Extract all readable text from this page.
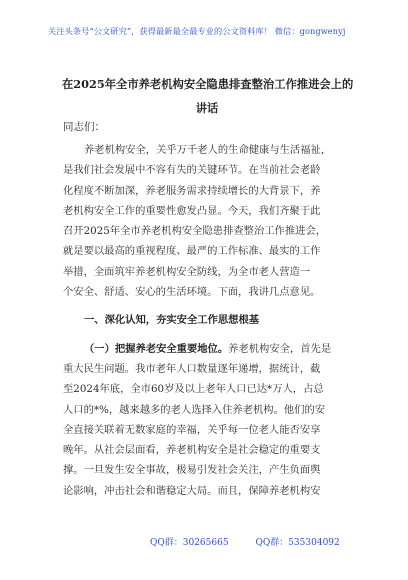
关注头条号“公文研究”，获得最新最全最专业的公文资料库！ 微信：gongwenyj
在2025年全市养老机构安全隐患排查整治工作推进会上的
讲话
同志们：
养老机构安全，关乎万千老人的生命健康与生活福祉，
是我们社会发展中不容有失的关键环节。在当前社会老龄
化程度不断加深，养老服务需求持续增长的大背景下，养
老机构安全工作的重要性愈发凸显。今天，我们齐聚于此
召开2025年全市养老机构安全隐患排查整治工作推进会，
就是要以最高的重视程度、最严的工作标准、最实的工作
举措，全面筑牢养老机构安全防线，为全市老人营造一
个安全、舒适、安心的生活环境。下面，我讲几点意见。
一、深化认知，夯实安全工作思想根基
（一）把握养老安全重要地位。养老机构安全，首先是
重大民生问题。我市老年人口数量逐年递增，据统计，截
至2024年底，全市60岁及以上老年人口已达*万人，占总
人口的*%，越来越多的老人选择入住养老机构。他们的安
全直接关联着无数家庭的幸福，关乎每一位老人能否安享
晚年。从社会层面看，养老机构安全是社会稳定的重要支
撑。一旦发生安全事故，极易引发社会关注，产生负面舆
论影响，冲击社会和谐稳定大局。而且，保障养老机构安
QQ群：30265665	QQ群：535304092
